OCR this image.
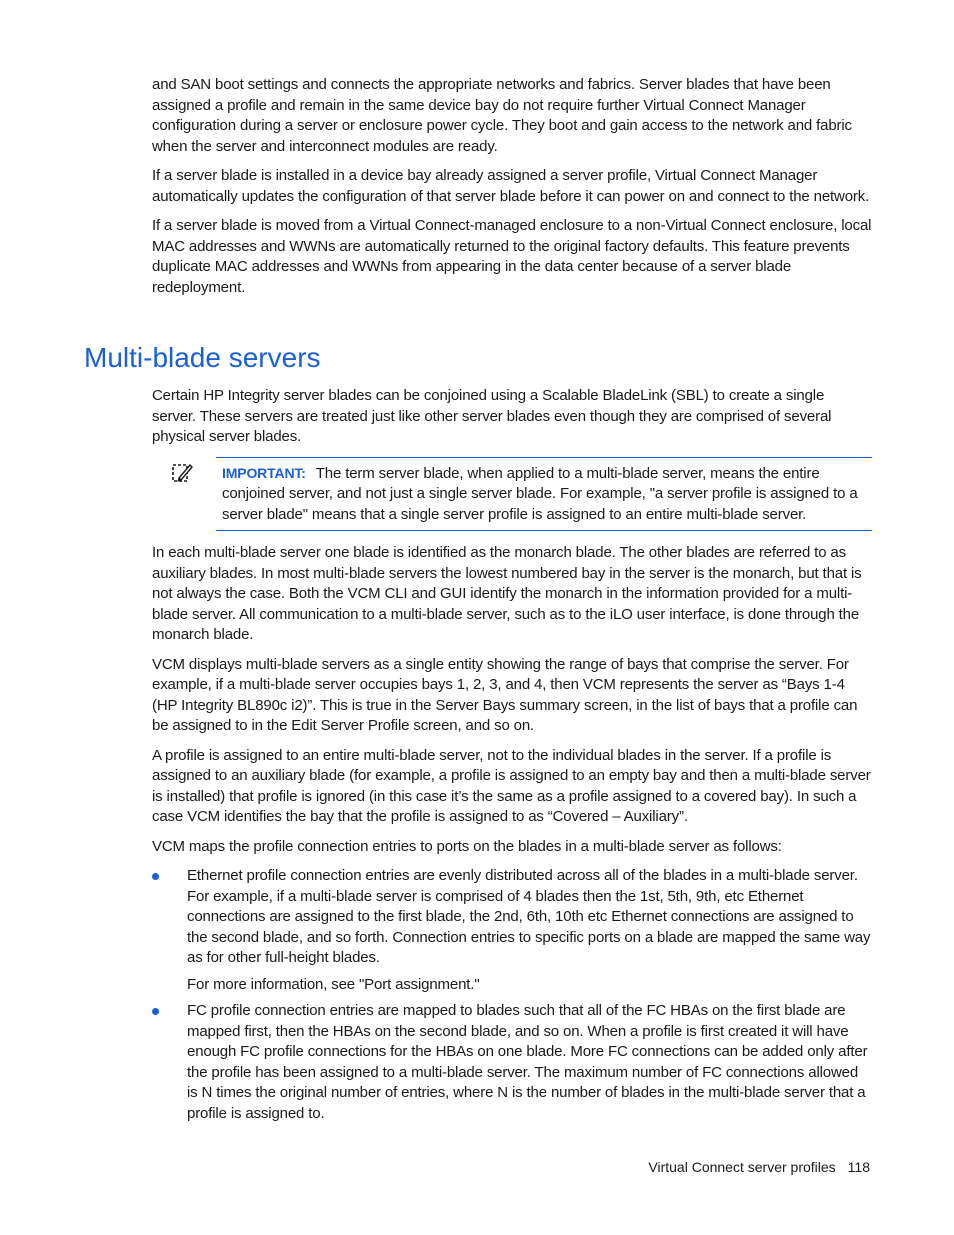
and SAN boot settings and connects the appropriate networks and fabrics. Server blades that have been assigned a profile and remain in the same device bay do not require further Virtual Connect Manager configuration during a server or enclosure power cycle. They boot and gain access to the network and fabric when the server and interconnect modules are ready.

If a server blade is installed in a device bay already assigned a server profile, Virtual Connect Manager automatically updates the configuration of that server blade before it can power on and connect to the network.

If a server blade is moved from a Virtual Connect-managed enclosure to a non-Virtual Connect enclosure, local MAC addresses and WWNs are automatically returned to the original factory defaults. This feature prevents duplicate MAC addresses and WWNs from appearing in the data center because of a server blade redeployment.

Multi-blade servers

Certain HP Integrity server blades can be conjoined using a Scalable BladeLink (SBL) to create a single server. These servers are treated just like other server blades even though they are comprised of several physical server blades.

IMPORTANT: The term server blade, when applied to a multi-blade server, means the entire conjoined server, and not just a single server blade. For example, "a server profile is assigned to a server blade" means that a single server profile is assigned to an entire multi-blade server.

In each multi-blade server one blade is identified as the monarch blade. The other blades are referred to as auxiliary blades. In most multi-blade servers the lowest numbered bay in the server is the monarch, but that is not always the case. Both the VCM CLI and GUI identify the monarch in the information provided for a multi-blade server. All communication to a multi-blade server, such as to the iLO user interface, is done through the monarch blade.

VCM displays multi-blade servers as a single entity showing the range of bays that comprise the server. For example, if a multi-blade server occupies bays 1, 2, 3, and 4, then VCM represents the server as “Bays 1-4 (HP Integrity BL890c i2)”. This is true in the Server Bays summary screen, in the list of bays that a profile can be assigned to in the Edit Server Profile screen, and so on.

A profile is assigned to an entire multi-blade server, not to the individual blades in the server. If a profile is assigned to an auxiliary blade (for example, a profile is assigned to an empty bay and then a multi-blade server is installed) that profile is ignored (in this case it’s the same as a profile assigned to a covered bay). In such a case VCM identifies the bay that the profile is assigned to as “Covered – Auxiliary”.

VCM maps the profile connection entries to ports on the blades in a multi-blade server as follows:

Ethernet profile connection entries are evenly distributed across all of the blades in a multi-blade server. For example, if a multi-blade server is comprised of 4 blades then the 1st, 5th, 9th, etc Ethernet connections are assigned to the first blade, the 2nd, 6th, 10th etc Ethernet connections are assigned to the second blade, and so forth. Connection entries to specific ports on a blade are mapped the same way as for other full-height blades.
For more information, see "Port assignment."
FC profile connection entries are mapped to blades such that all of the FC HBAs on the first blade are mapped first, then the HBAs on the second blade, and so on. When a profile is first created it will have enough FC profile connections for the HBAs on one blade. More FC connections can be added only after the profile has been assigned to a multi-blade server. The maximum number of FC connections allowed is N times the original number of entries, where N is the number of blades in the multi-blade server that a profile is assigned to.
Virtual Connect server profiles 118
